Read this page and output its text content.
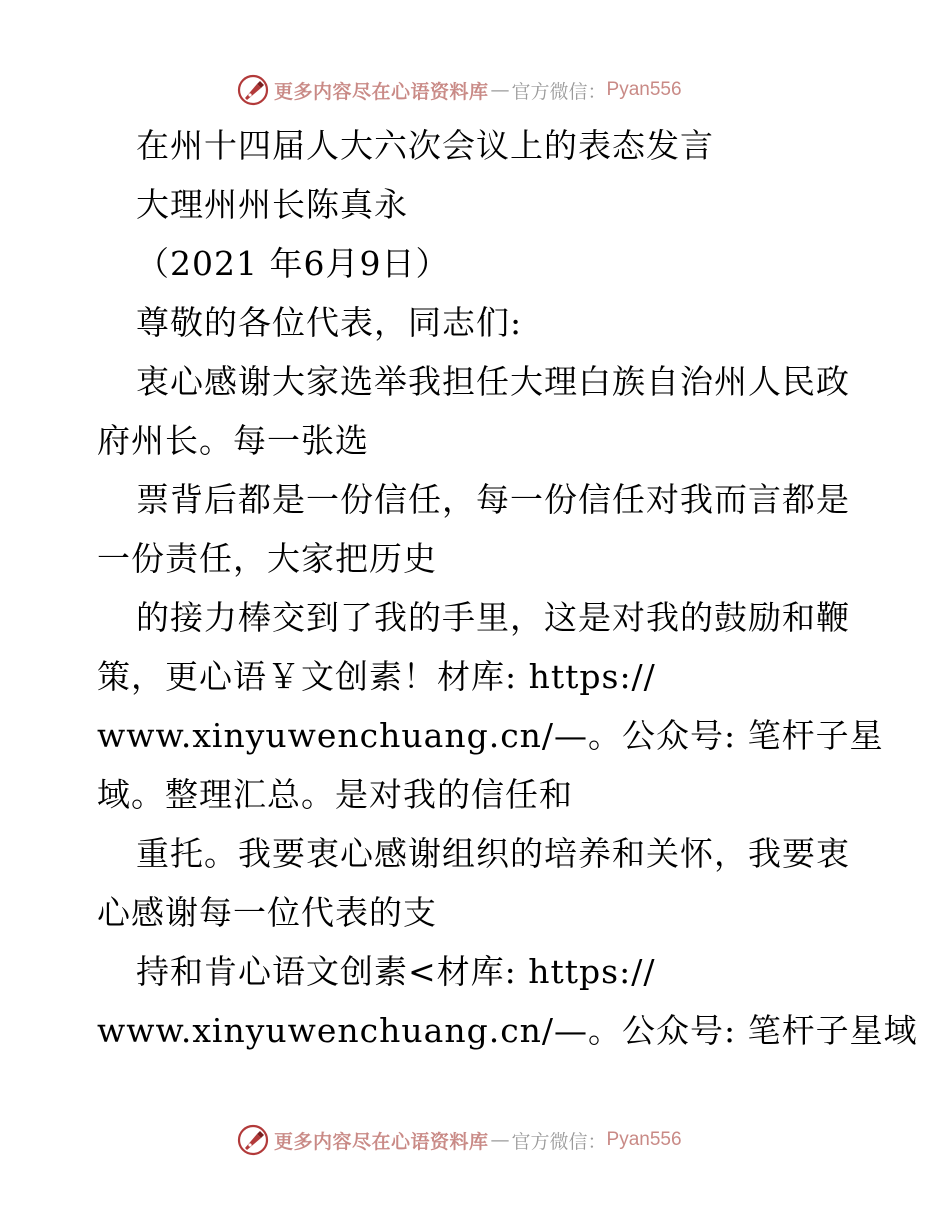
更多内容尽在心语资料库 — 官方微信： Pyan556
在州十四届人大六次会议上的表态发言
大理州州长陈真永
（2021 年6月9日）
尊敬的各位代表，同志们:
衷心感谢大家选举我担任大理白族自治州人民政
府州长。每一张选
票背后都是一份信任，每一份信任对我而言都是
一份责任，大家把历史
的接力棒交到了我的手里，这是对我的鼓励和鞭
策，更心语￥文创素！材库: https://
www.xinyuwenchuang.cn/—。公众号: 笔杆子星
域。整理汇总。是对我的信任和
重托。我要衷心感谢组织的培养和关怀，我要衷
心感谢每一位代表的支
持和肯心语文创素<材库: https://
www.xinyuwenchuang.cn/—。公众号: 笔杆子星域
更多内容尽在心语资料库 — 官方微信： Pyan556
